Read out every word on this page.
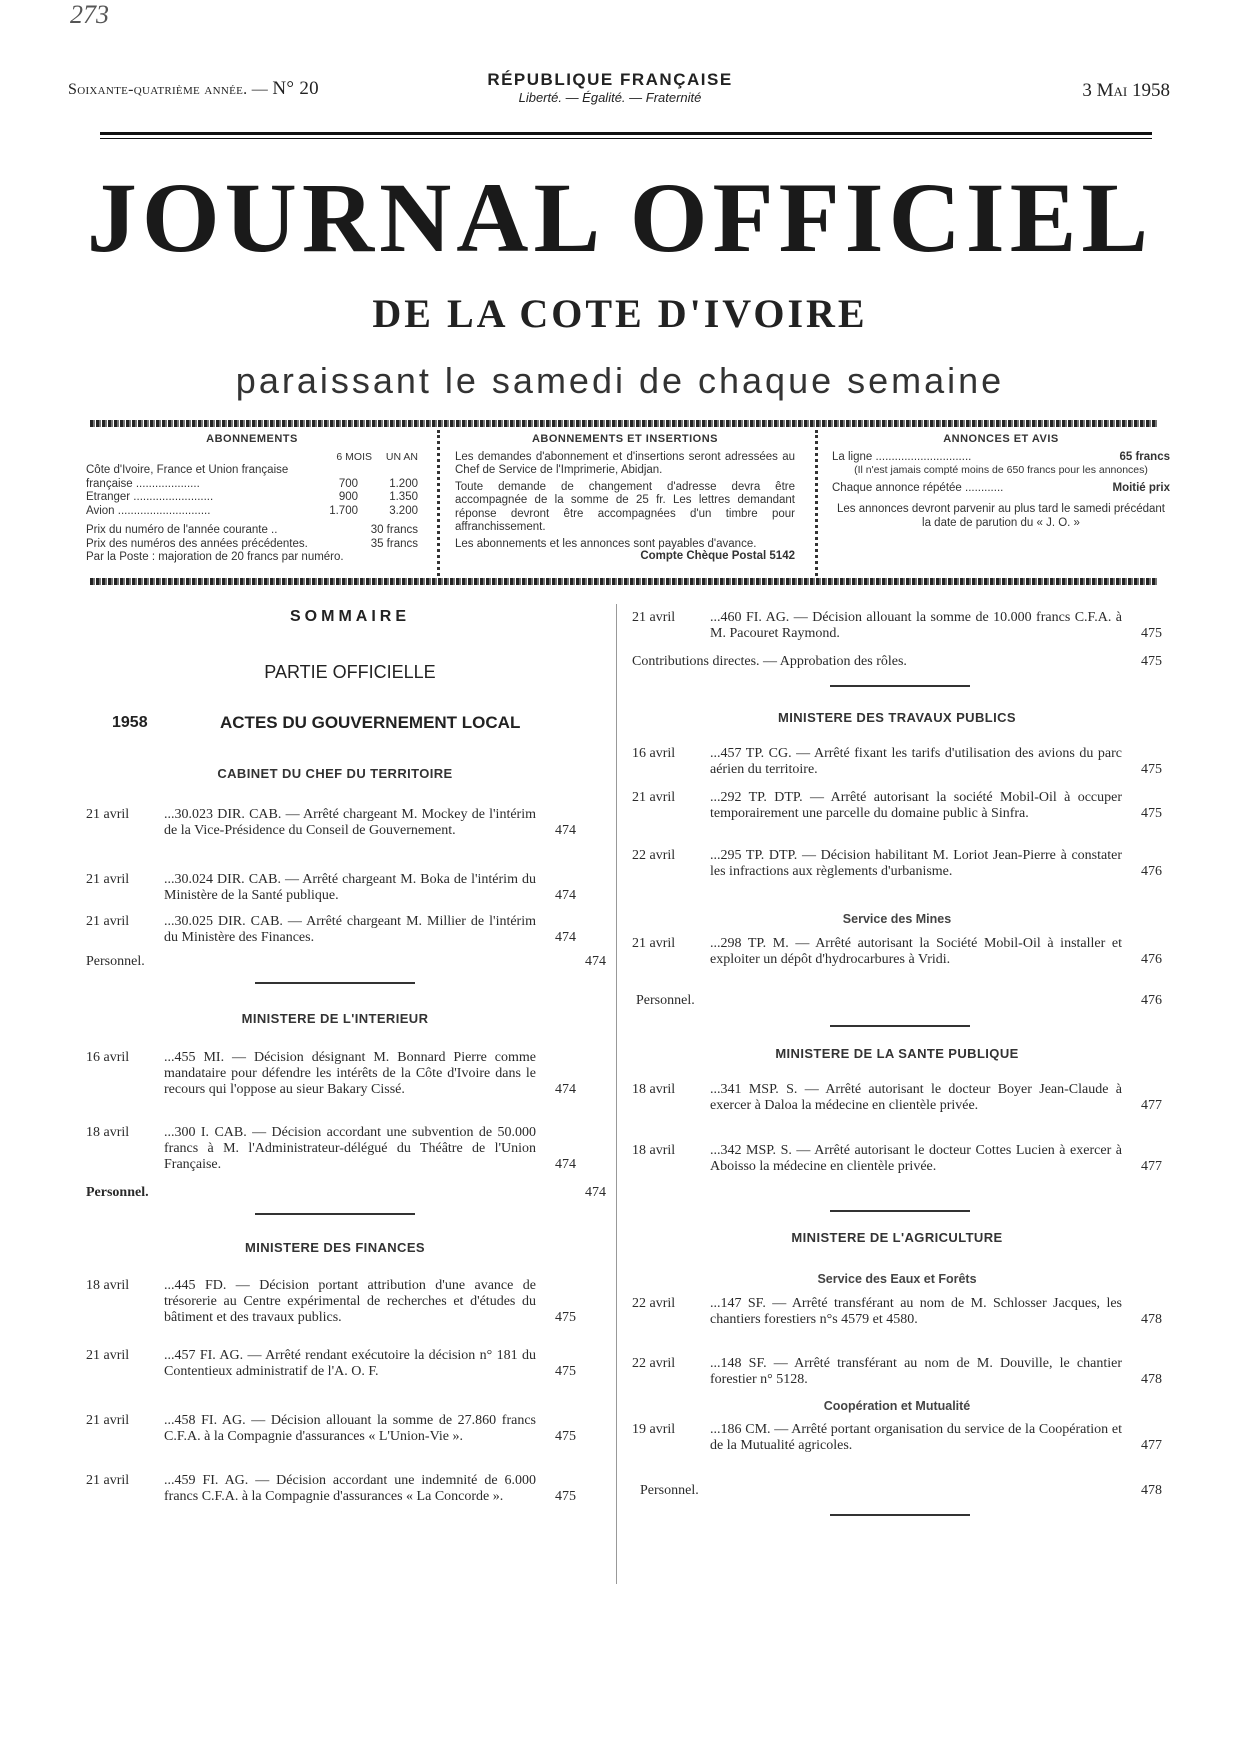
273
Soixante-quatrième année. — N° 20	RÉPUBLIQUE FRANÇAISE
Liberté. — Égalité. — Fraternité	3 Mai 1958
JOURNAL OFFICIEL
DE LA COTE D'IVOIRE
paraissant le samedi de chaque semaine
ABONNEMENTS
6 MOIS	UN AN
Côte d'Ivoire, France et Union française
française ....................	700	1.200
Etranger .........................	900	1.350
Avion .............................	1.700	3.200
Prix du numéro de l'année courante ..	30 francs
Prix des numéros des années précédentes.	35 francs
Par la Poste : majoration de 20 francs par numéro.
ABONNEMENTS ET INSERTIONS
Les demandes d'abonnement et d'insertions seront adressées au Chef de Service de l'Imprimerie, Abidjan.
Toute demande de changement d'adresse devra être accompagnée de la somme de 25 fr. Les lettres demandant réponse devront être accompagnées d'un timbre pour affranchissement.
Les abonnements et les annonces sont payables d'avance.
Compte Chèque Postal 5142
ANNONCES ET AVIS
La ligne ..............................	65 francs
(Il n'est jamais compté moins de 650 francs pour les annonces)
Chaque annonce répétée ............	Moitié prix
Les annonces devront parvenir au plus tard le samedi précédant la date de parution du « J. O. »
SOMMAIRE
PARTIE OFFICIELLE
1958	ACTES DU GOUVERNEMENT LOCAL
CABINET DU CHEF DU TERRITOIRE
21 avril	...30.023 DIR. CAB. — Arrêté chargeant M. Mockey de l'intérim de la Vice-Présidence du Conseil de Gouvernement.	474
21 avril	...30.024 DIR. CAB. — Arrêté chargeant M. Boka de l'intérim du Ministère de la Santé publique.	474
21 avril	...30.025 DIR. CAB. — Arrêté chargeant M. Millier de l'intérim du Ministère des Finances.	474
Personnel.	474
MINISTERE DE L'INTERIEUR
16 avril	...455 MI. — Décision désignant M. Bonnard Pierre comme mandataire pour défendre les intérêts de la Côte d'Ivoire dans le recours qui l'oppose au sieur Bakary Cissé.	474
18 avril	...300 I. CAB. — Décision accordant une subvention de 50.000 francs à M. l'Administrateur-délégué du Théâtre de l'Union Française.	474
Personnel.	474
MINISTERE DES FINANCES
18 avril	...445 FD. — Décision portant attribution d'une avance de trésorerie au Centre expérimental de recherches et d'études du bâtiment et des travaux publics.	475
21 avril	...457 FI. AG. — Arrêté rendant exécutoire la décision n° 181 du Contentieux administratif de l'A. O. F.	475
21 avril	...458 FI. AG. — Décision allouant la somme de 27.860 francs C.F.A. à la Compagnie d'assurances « L'Union-Vie ».	475
21 avril	...459 FI. AG. — Décision accordant une indemnité de 6.000 francs C.F.A. à la Compagnie d'assurances « La Concorde ».	475
21 avril	...460 FI. AG. — Décision allouant la somme de 10.000 francs C.F.A. à M. Pacouret Raymond.	475
Contributions directes. — Approbation des rôles.	475
MINISTERE DES TRAVAUX PUBLICS
16 avril	...457 TP. CG. — Arrêté fixant les tarifs d'utilisation des avions du parc aérien du territoire.	475
21 avril	...292 TP. DTP. — Arrêté autorisant la société Mobil-Oil à occuper temporairement une parcelle du domaine public à Sinfra.	475
22 avril	...295 TP. DTP. — Décision habilitant M. Loriot Jean-Pierre à constater les infractions aux règlements d'urbanisme.	476
Service des Mines
21 avril	...298 TP. M. — Arrêté autorisant la Société Mobil-Oil à installer et exploiter un dépôt d'hydrocarbures à Vridi.	476
Personnel.	476
MINISTERE DE LA SANTE PUBLIQUE
18 avril	...341 MSP. S. — Arrêté autorisant le docteur Boyer Jean-Claude à exercer à Daloa la médecine en clientèle privée.	477
18 avril	...342 MSP. S. — Arrêté autorisant le docteur Cottes Lucien à exercer à Aboisso la médecine en clientèle privée.	477
MINISTERE DE L'AGRICULTURE
Service des Eaux et Forêts
22 avril	...147 SF. — Arrêté transférant au nom de M. Schlosser Jacques, les chantiers forestiers n°s 4579 et 4580.	478
22 avril	...148 SF. — Arrêté transférant au nom de M. Douville, le chantier forestier n° 5128.	478
Coopération et Mutualité
19 avril	...186 CM. — Arrêté portant organisation du service de la Coopération et de la Mutualité agricoles.	477
Personnel.	478
